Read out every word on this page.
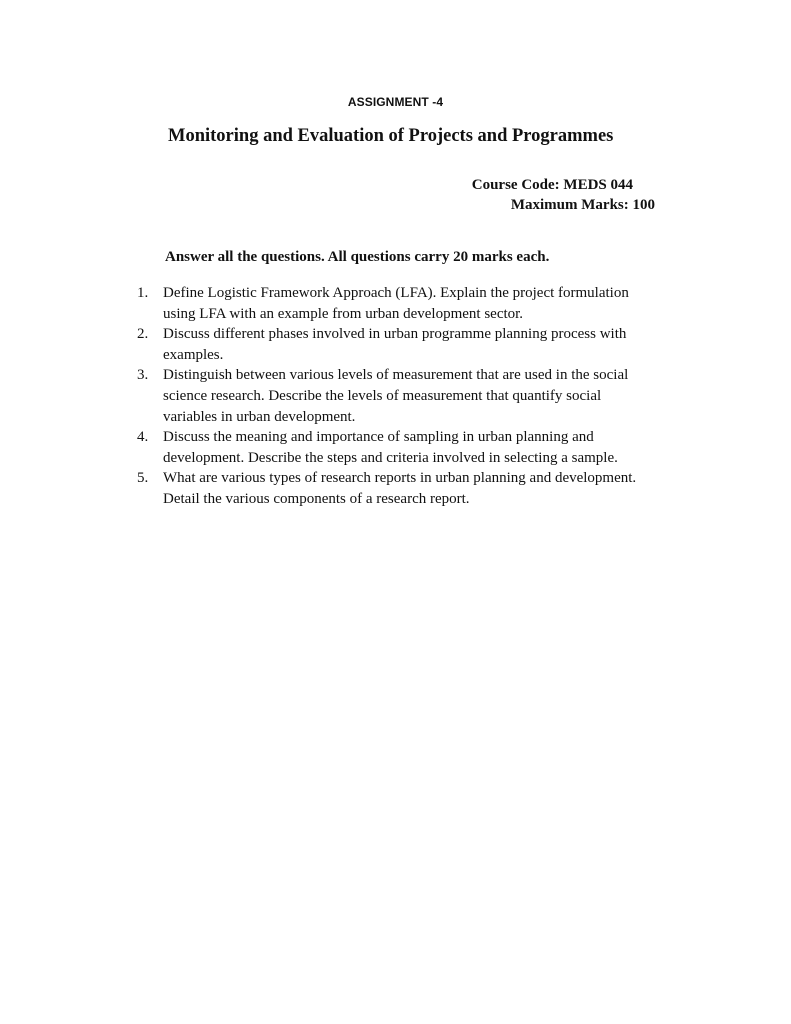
ASSIGNMENT -4
Monitoring and Evaluation of Projects and Programmes
Course Code: MEDS 044
Maximum Marks: 100
Answer all the questions. All questions carry 20 marks each.
1. Define Logistic Framework Approach (LFA). Explain the project formulation
using LFA with an example from urban development sector.
2. Discuss different phases involved in urban programme planning process with
examples.
3. Distinguish between various levels of measurement that are used in the social
science research. Describe the levels of measurement that quantify social
variables in urban development.
4. Discuss the meaning and importance of sampling in urban planning and
development. Describe the steps and criteria involved in selecting a sample.
5. What are various types of research reports in urban planning and development.
Detail the various components of a research report.
